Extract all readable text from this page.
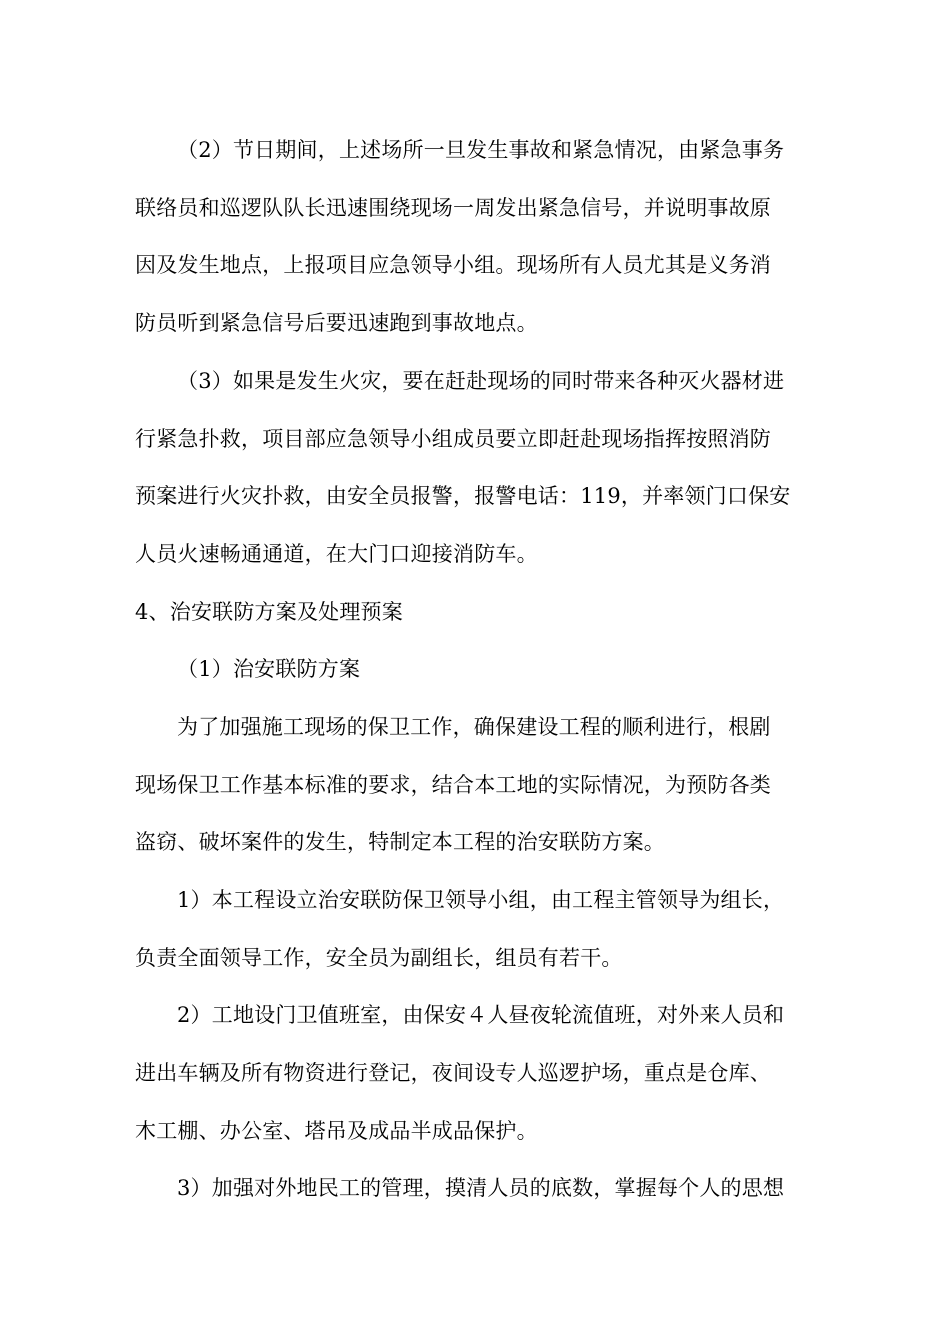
（2）节日期间，上述场所一旦发生事故和紧急情况，由紧急事务
联络员和巡逻队队长迅速围绕现场一周发出紧急信号，并说明事故原
因及发生地点，上报项目应急领导小组。现场所有人员尤其是义务消
防员听到紧急信号后要迅速跑到事故地点。
（3）如果是发生火灾，要在赶赴现场的同时带来各种灭火器材进
行紧急扑救，项目部应急领导小组成员要立即赶赴现场指挥按照消防
预案进行火灾扑救，由安全员报警，报警电话：119，并率领门口保安
人员火速畅通通道，在大门口迎接消防车。
4、治安联防方案及处理预案
（1）治安联防方案
为了加强施工现场的保卫工作，确保建设工程的顺利进行，根剧
现场保卫工作基本标准的要求，结合本工地的实际情况，为预防各类
盗窃、破坏案件的发生，特制定本工程的治安联防方案。
1）本工程设立治安联防保卫领导小组，由工程主管领导为组长，
负责全面领导工作，安全员为副组长，组员有若干。
2）工地设门卫值班室，由保安４人昼夜轮流值班，对外来人员和
进出车辆及所有物资进行登记，夜间设专人巡逻护场，重点是仓库、
木工棚、办公室、塔吊及成品半成品保护。
3）加强对外地民工的管理，摸清人员的底数，掌握每个人的思想
